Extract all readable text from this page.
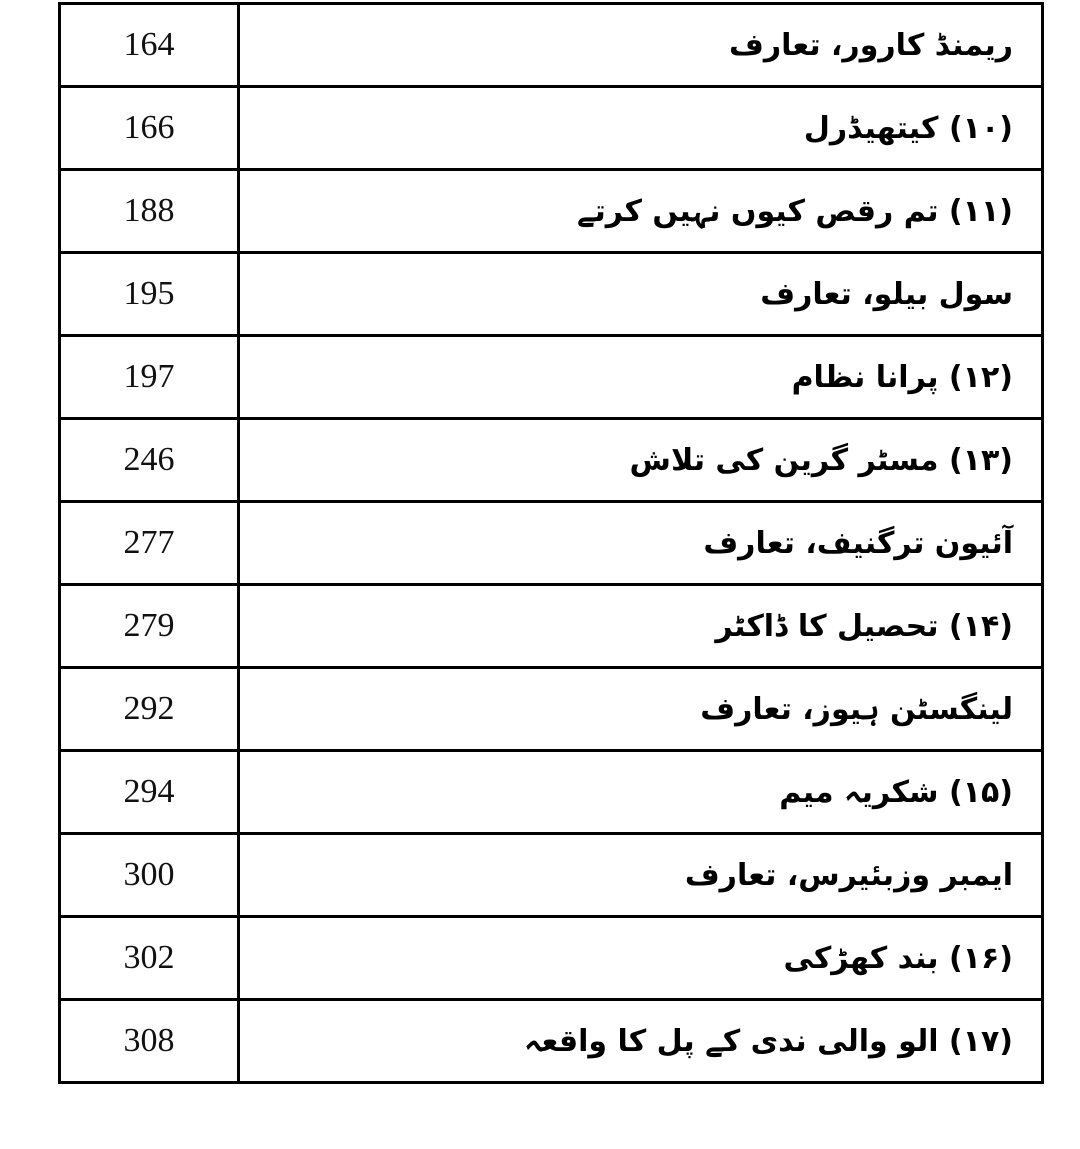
164	ریمنڈ کارور، تعارف
166	(۱۰) کیتھیڈرل
188	(۱۱) تم رقص کیوں نہیں کرتے
195	سول بیلو، تعارف
197	(۱۲) پرانا نظام
246	(۱۳) مسٹر گرین کی تلاش
277	آئیون ترگنیف، تعارف
279	(۱۴) تحصیل کا ڈاکٹر
292	لینگسٹن ہیوز، تعارف
294	(۱۵) شکریہ میم
300	ایمبر وزبئیرس، تعارف
302	(۱۶) بند کھڑکی
308	(۱۷) الو والی ندی کے پل کا واقعہ
